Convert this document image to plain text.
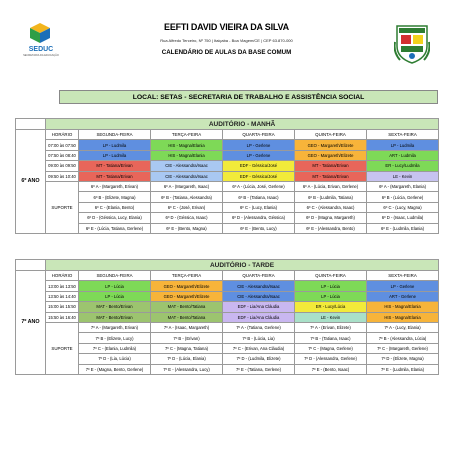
SEDUC
SECRETARIA DA EDUCAÇÃO
EEFTI DAVID VIEIRA DA SILVA
Rua Alfredo Terceiro, Nº 750 | Itaiçaba - Boa Viagem/CE | CEP 63.870-000
CALENDÁRIO DE AULAS DA BASE COMUM
LOCAL: SETAS - SECRETARIA DE TRABALHO E ASSISTÊNCIA SOCIAL
	AUDITÓRIO - MANHÃ					
6º ANO	HORÁRIO	SEGUNDA-FEIRA	TERÇA-FEIRA	QUARTA-FEIRA	QUINTA-FEIRA	SEXTA-FEIRA
	07:00 às 07:50	LP - Ludmila	HIS - Magna/Elania	LP - Gerlene	GEO - Margareth/Elizete	LP - Ludmila
	07:50 às 08:40	LP - Ludmila	HIS - Magna/Elania	LP - Gerlene	GEO - Margareth/Elizete	ART - Ludmila
	09:00 às 09:50	MT - Tatiana/Erivan	CIE - Alessandra/Isaac	EDF - Géssica/José	MT - Tatiana/Erivan	ER - Lucy/Ludmila
	09:50 às 10:40	MT - Tatiana/Erivan	CIE - Alessandra/Isaac	EDF - Géssica/José	MT - Tatiana/Erivan	LE - Kevin
	SUPORTE	6º A - (Margareth, Erivan)	6º A - (Margareth, Isaac)	6º A - (Lúcia, José, Gerlene)	6º A - (Lúcia, Erivan, Gerlene)	6º A - (Margareth, Elania)
		6º B - (Elizete, Magna)	6º B - (Tatiana, Alessandra)	6º B - (Tatiana, Isaac)	6º B - (Ludmila, Tatiana)	6º B - (Lúcia, Gerlene)
		6º C - (Elania, Bento)	6º C - (José, Erivan)	6º C - (Lucy, Elania)	6º C - (Alessandra, Isaac)	6º C - (Lucy, Magna)
		6º D - (Géssica, Lucy, Elania)	6º D - (Géssica, Isaac)	6º D - (Alessandra, Géssica)	6º D - (Magna, Margareth)	6º D - (Isaac, Ludmila)
		6º E - (Lúcia, Tatiana, Gerlene)	6º E - (Bento, Magna)	6º E - (Bento, Lucy)	6º E - (Alessandra, Bento)	6º E - (Ludmila, Elania)
	AUDITÓRIO - TARDE					
7º ANO	HORÁRIO	SEGUNDA-FEIRA	TERÇA-FEIRA	QUARTA-FEIRA	QUINTA-FEIRA	SEXTA-FEIRA
	13:00 às 13:50	LP - Lúcia	GEO - Margareth/Elizete	CIE - Alessandra/Isaac	LP - Lúcia	LP - Gerlene
	13:50 às 14:40	LP - Lúcia	GEO - Margareth/Elizete	CIE - Alessandra/Isaac	LP - Lúcia	ART - Gerlene
	15:00 às 15:50	MAT - Bento/Erivan	MAT - Bento/Tatiana	EDF - Lia/Ana Cláudia	ER - Lucy/Lúcia	HIS - Magna/Elania
	15:50 às 16:40	MAT - Bento/Erivan	MAT - Bento/Tatiana	EDF - Lia/Ana Cláudia	LE - Kevin	HIS - Magna/Elania
	SUPORTE	7º A - (Margareth, Erivan)	7º A - (Isaac, Margareth)	7º A - (Tatiana, Gerlene)	7º A - (Erivan, Elizete)	7º A - (Lucy, Elania)
		7º B - (Elizete, Lucy)	7º B - (Erivan)	7º B - (Lúcia, Lia)	7º B - (Tatiana, Isaac)	7º B - (Alessandra, Lúcia)
		7º C - (Elania, Ludmila)	7º C - (Magna, Tatiana)	7º C - (Erivan, Ana Cláudia)	7º C - (Magna, Gerlene)	7º C - (Margareth, Gerlene)
		7º D - (Lia, Lúcia)	7º D - (Lúcia, Elania)	7º D - (Ludmila, Elizete)	7º D - (Alessandra, Gerlene)	7º D - (Elizete, Magna)
		7º E - (Magna, Bento, Gerlene)	7º E - (Alessandra, Lucy)	7º E - (Tatiana, Gerlene)	7º E - (Bento, Isaac)	7º E - (Ludmila, Elania)
